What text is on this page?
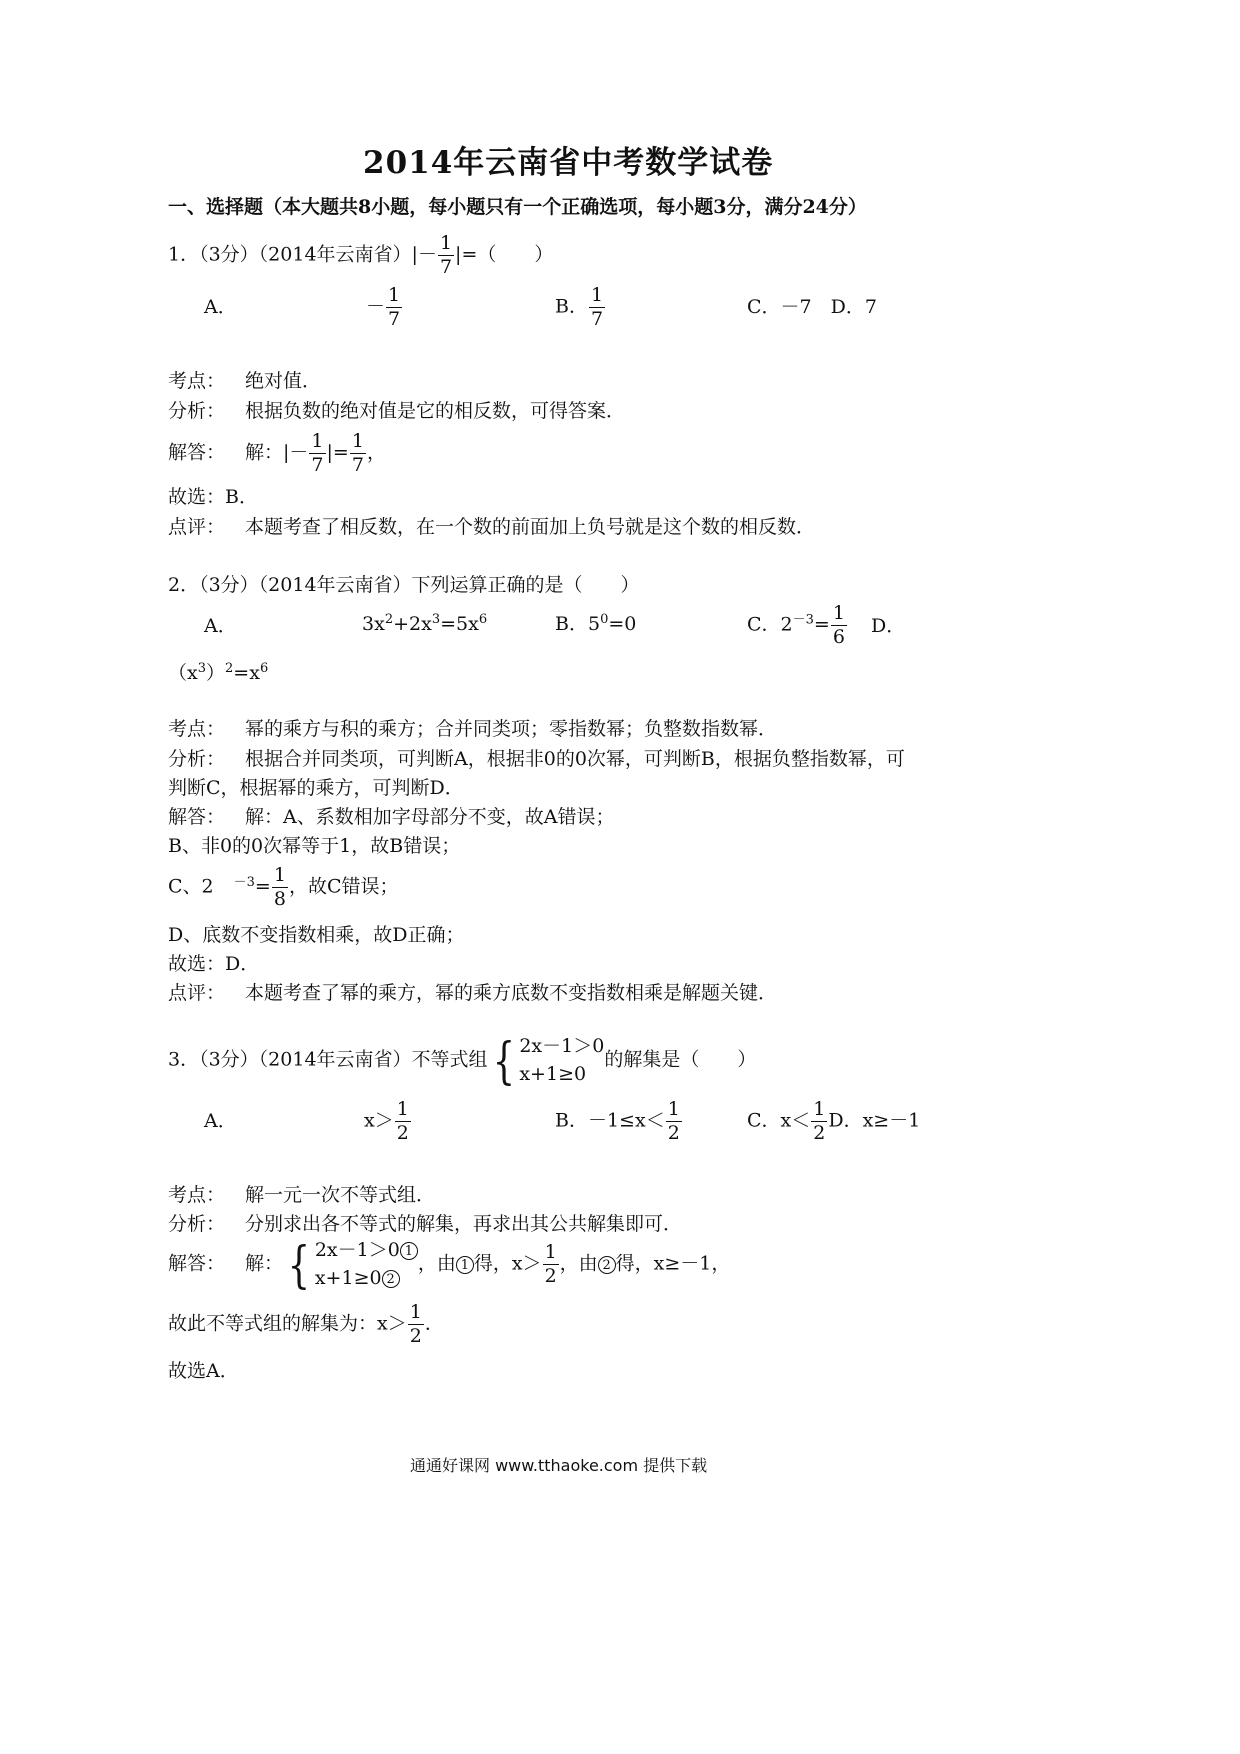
2014年云南省中考数学试卷
一、选择题（本大题共8小题，每小题只有一个正确选项，每小题3分，满分24分）
1．（3分）（2014年云南省）|－ $\frac{1}{7}$ |=（　　）
A．	－ $\frac{1}{7}$	B． $\frac{1}{7}$	C．－7　D．7
考点： 绝对值．
分析： 根据负数的绝对值是它的相反数，可得答案．
解答： 解：|－ $\frac{1}{7}$ |= $\frac{1}{7}$ ，
故选：B．
点评： 本题考查了相反数，在一个数的前面加上负号就是这个数的相反数．
2．（3分）（2014年云南省）下列运算正确的是（　　）
A．	$3x^2+2x^3=5x^6$	B．$5^0=0$	C．$2^{-3}= \frac{1}{6}$ D．
$(x^3)^2=x^6$
考点： 幂的乘方与积的乘方；合并同类项；零指数幂；负整数指数幂．
分析： 根据合并同类项，可判断A，根据非0的0次幂，可判断B，根据负整指数幂，可
判断C，根据幂的乘方，可判断D．
解答： 解：A、系数相加字母部分不变，故A错误；
B、非0的0次幂等于1，故B错误；
C、2 $^{-3}= \frac{1}{8}$ ，故C错误；
D、底数不变指数相乘，故D正确；
故选：D．
点评： 本题考查了幂的乘方，幂的乘方底数不变指数相乘是解题关键．
3．（3分）（2014年云南省）不等式组{ 2x－1＞0
x+1≥0
的解集是（　　）
A．	$x> \frac{1}{2}$	B．$-1\le x< \frac{1}{2}$	C．$x< \frac{1}{2}$ D．x≥－1
考点： 解一元一次不等式组．
分析： 分别求出各不等式的解集，再求出其公共解集即可．
解答： 解：{ 2x－1＞0 1
x+1≥0 2
，由 1 得，$x> \frac{1}{2}$ ，由 2 得，x≥－1，
故此不等式组的解集为：$x> \frac{1}{2}$ ．
故选A．
通通好课网 www.tthaoke.com 提供下载
